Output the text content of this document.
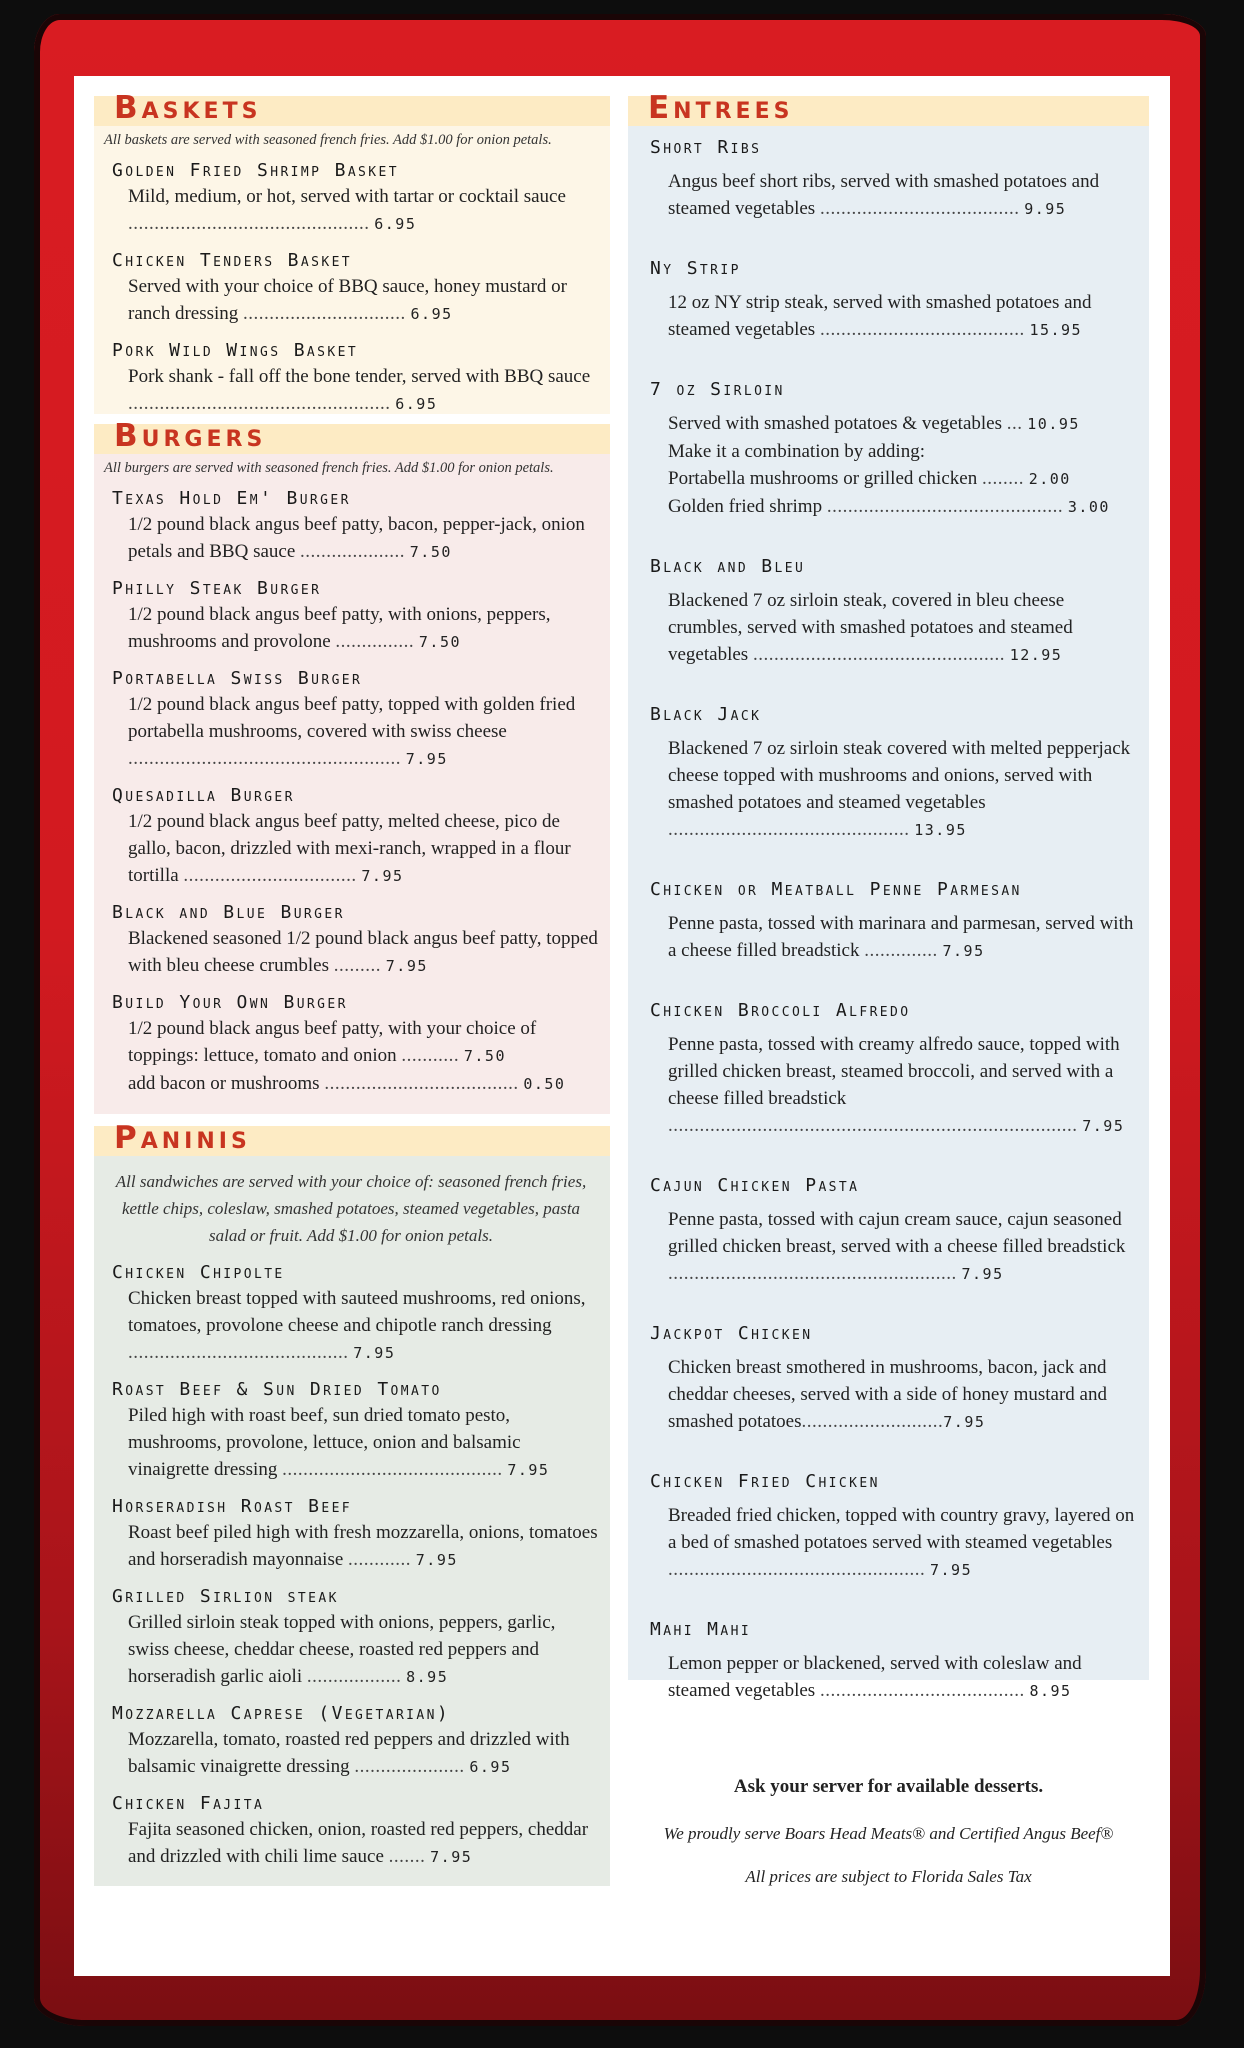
Baskets
All baskets are served with seasoned french fries. Add $1.00 for onion petals.
Golden Fried Shrimp Basket
Mild, medium, or hot, served with tartar or cocktail sauce .............................................. 6.95
Chicken Tenders Basket
Served with your choice of BBQ sauce, honey mustard or ranch dressing ............................... 6.95
Pork Wild Wings Basket
Pork shank - fall off the bone tender, served with BBQ sauce .................................................. 6.95
Burgers
All burgers are served with seasoned french fries. Add $1.00 for onion petals.
Texas Hold Em' Burger
1/2 pound black angus beef patty, bacon, pepper-jack, onion petals and BBQ sauce .................... 7.50
Philly Steak Burger
1/2 pound black angus beef patty, with onions, peppers, mushrooms and provolone ............... 7.50
Portabella Swiss Burger
1/2 pound black angus beef patty, topped with golden fried portabella mushrooms, covered with swiss cheese .................................................... 7.95
Quesadilla Burger
1/2 pound black angus beef patty, melted cheese, pico de gallo, bacon, drizzled with mexi-ranch, wrapped in a flour tortilla ................................. 7.95
Black and Blue Burger
Blackened seasoned 1/2 pound black angus beef patty, topped with bleu cheese crumbles ......... 7.95
Build Your Own Burger
1/2 pound black angus beef patty, with your choice of toppings: lettuce, tomato and onion ........... 7.50
add bacon or mushrooms ..................................... 0.50
Paninis
All sandwiches are served with your choice of: seasoned french fries, kettle chips, coleslaw, smashed potatoes, steamed vegetables, pasta salad or fruit. Add $1.00 for onion petals.
Chicken Chipolte
Chicken breast topped with sauteed mushrooms, red onions, tomatoes, provolone cheese and chipotle ranch dressing .......................................... 7.95
Roast Beef & Sun Dried Tomato
Piled high with roast beef, sun dried tomato pesto, mushrooms, provolone, lettuce, onion and balsamic vinaigrette dressing .......................................... 7.95
Horseradish Roast Beef
Roast beef piled high with fresh mozzarella, onions, tomatoes and horseradish mayonnaise ............ 7.95
Grilled Sirlion steak
Grilled sirloin steak topped with onions, peppers, garlic, swiss cheese, cheddar cheese, roasted red peppers and horseradish garlic aioli .................. 8.95
Mozzarella Caprese (Vegetarian)
Mozzarella, tomato, roasted red peppers and drizzled with balsamic vinaigrette dressing ..................... 6.95
Chicken Fajita
Fajita seasoned chicken, onion, roasted red peppers, cheddar and drizzled with chili lime sauce ....... 7.95
Entrees
Short Ribs
Angus beef short ribs, served with smashed potatoes and steamed vegetables ...................................... 9.95
Ny Strip
12 oz NY strip steak, served with smashed potatoes and steamed vegetables ....................................... 15.95
7 oz Sirloin
Served with smashed potatoes & vegetables ... 10.95
Make it a combination by adding:
Portabella mushrooms or grilled chicken ........ 2.00
Golden fried shrimp ............................................. 3.00
Black and Bleu
Blackened 7 oz sirloin steak, covered in bleu cheese crumbles, served with smashed potatoes and steamed vegetables ................................................ 12.95
Black Jack
Blackened 7 oz sirloin steak covered with melted pepperjack cheese topped with mushrooms and onions, served with smashed potatoes and steamed vegetables .............................................. 13.95
Chicken or Meatball Penne Parmesan
Penne pasta, tossed with marinara and parmesan, served with a cheese filled breadstick .............. 7.95
Chicken Broccoli Alfredo
Penne pasta, tossed with creamy alfredo sauce, topped with grilled chicken breast, steamed broccoli, and served with a cheese filled breadstick .............................................................................. 7.95
Cajun Chicken Pasta
Penne pasta, tossed with cajun cream sauce, cajun seasoned grilled chicken breast, served with a cheese filled breadstick ....................................................... 7.95
Jackpot Chicken
Chicken breast smothered in mushrooms, bacon, jack and cheddar cheeses, served with a side of honey mustard and smashed potatoes...........................7.95
Chicken Fried Chicken
Breaded fried chicken, topped with country gravy, layered on a bed of smashed potatoes served with steamed vegetables ................................................. 7.95
Mahi Mahi
Lemon pepper or blackened, served with coleslaw and steamed vegetables ....................................... 8.95
Ask your server for available desserts.
We proudly serve Boars Head Meats® and Certified Angus Beef®
All prices are subject to Florida Sales Tax
